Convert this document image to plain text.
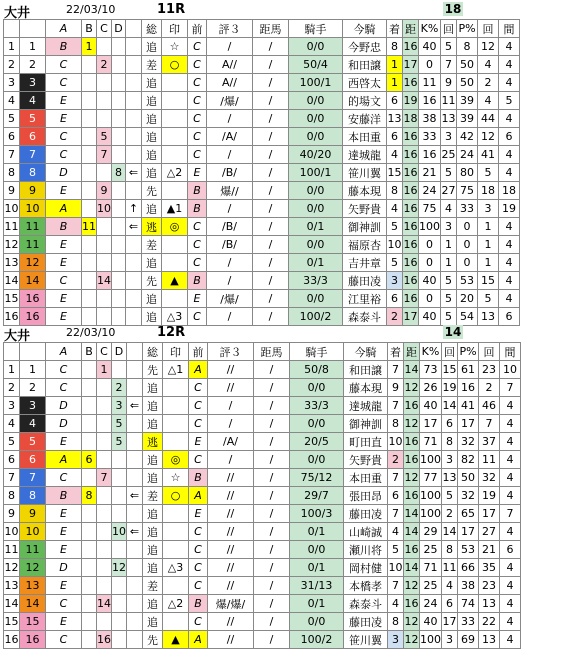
大井	22/03/10	11R	18
		A	B	C	D		総	印	前	評３	距馬	騎手	今騎	着	距	K%	回	P%	回	間
1	1	B	1				追	☆	C	/	/	0/0	今野忠	8	16	40	5	8	12	4
2	2	C		2			差	○	C	A//	/	50/4	和田譲	1	17	0	7	50	4	4
3	3	C					追		C	A//	/	100/1	西啓太	1	16	11	9	50	2	4
4	4	E					追		C	/爆/	/	0/0	的場文	6	19	16	11	39	4	5
5	5	E					追		C	/	/	0/0	安藤洋	13	18	38	13	39	44	4
6	6	C		5			追		C	/A/	/	0/0	本田重	6	16	33	3	42	12	6
7	7	C		7			追		C	/	/	40/20	達城龍	4	16	16	25	24	41	4
8	8	D			8	⇐	追	△2	E	/B/	/	100/1	笹川翼	15	16	21	5	80	5	4
9	9	E		9			先		B	爆//	/	0/0	藤本現	8	16	24	27	75	18	18
10	10	A		10		↑	追	▲1	B	/	/	0/0	矢野貴	4	16	75	4	33	3	19
11	11	B	11			⇐	逃	◎	C	/B/	/	0/1	御神訓	5	16	100	3	0	1	4
12	11	E					差		C	/B/	/	0/0	福原杏	10	16	0	1	0	1	4
13	12	E					追		C	/	/	0/1	吉井章	5	16	0	1	0	1	4
14	14	C		14			先	▲	B	/	/	33/3	藤田凌	3	16	40	5	53	15	4
15	16	E					追		E	/爆/	/	0/0	江里裕	6	16	0	5	20	5	4
16	16	E					追	△3	C	/	/	100/2	森泰斗	2	17	40	5	54	13	6
大井	22/03/10	12R	14
		A	B	C	D		総	印	前	評３	距馬	騎手	今騎	着	距	K%	回	P%	回	間
1	1	C		1			先	△1	A	//	/	50/8	和田譲	7	14	73	15	61	23	10
2	2	C			2		追		C	//	/	0/0	藤本現	9	12	26	19	16	2	7
3	3	D			3	⇐	追		C	/	/	33/3	達城龍	7	16	40	14	41	46	4
4	4	D			5		追		C	/	/	0/0	御神訓	8	12	17	6	17	7	4
5	5	E			5		逃		E	/A/	/	20/5	町田直	10	16	71	8	32	37	4
6	6	A	6				追	◎	C	/	/	0/0	矢野貴	2	16	100	3	82	11	4
7	7	C		7			追	☆	B	//	/	75/12	本田重	7	12	77	13	50	32	4
8	8	B	8			⇐	差	○	A	//	/	29/7	張田昂	6	16	100	5	32	19	4
9	9	E					追		E	//	/	100/3	藤田凌	7	14	100	2	65	17	7
10	10	E			10	⇐	追		C	//	/	0/1	山崎誠	4	14	29	14	17	27	4
11	11	E					追		C	//	/	0/0	瀬川将	5	16	25	8	53	21	6
12	12	D			12		追	△3	C	//	/	0/1	岡村健	10	14	71	11	66	35	4
13	13	E					差		C	//	/	31/13	本橋孝	7	12	25	4	38	23	4
14	14	C		14			追	△2	B	爆/爆/	/	0/1	森泰斗	4	16	24	6	74	13	4
15	15	E					追		C	//	/	0/0	藤田凌	8	12	40	17	33	22	4
16	16	C		16			先	▲	A	//	/	100/2	笹川翼	3	12	100	3	69	13	4
